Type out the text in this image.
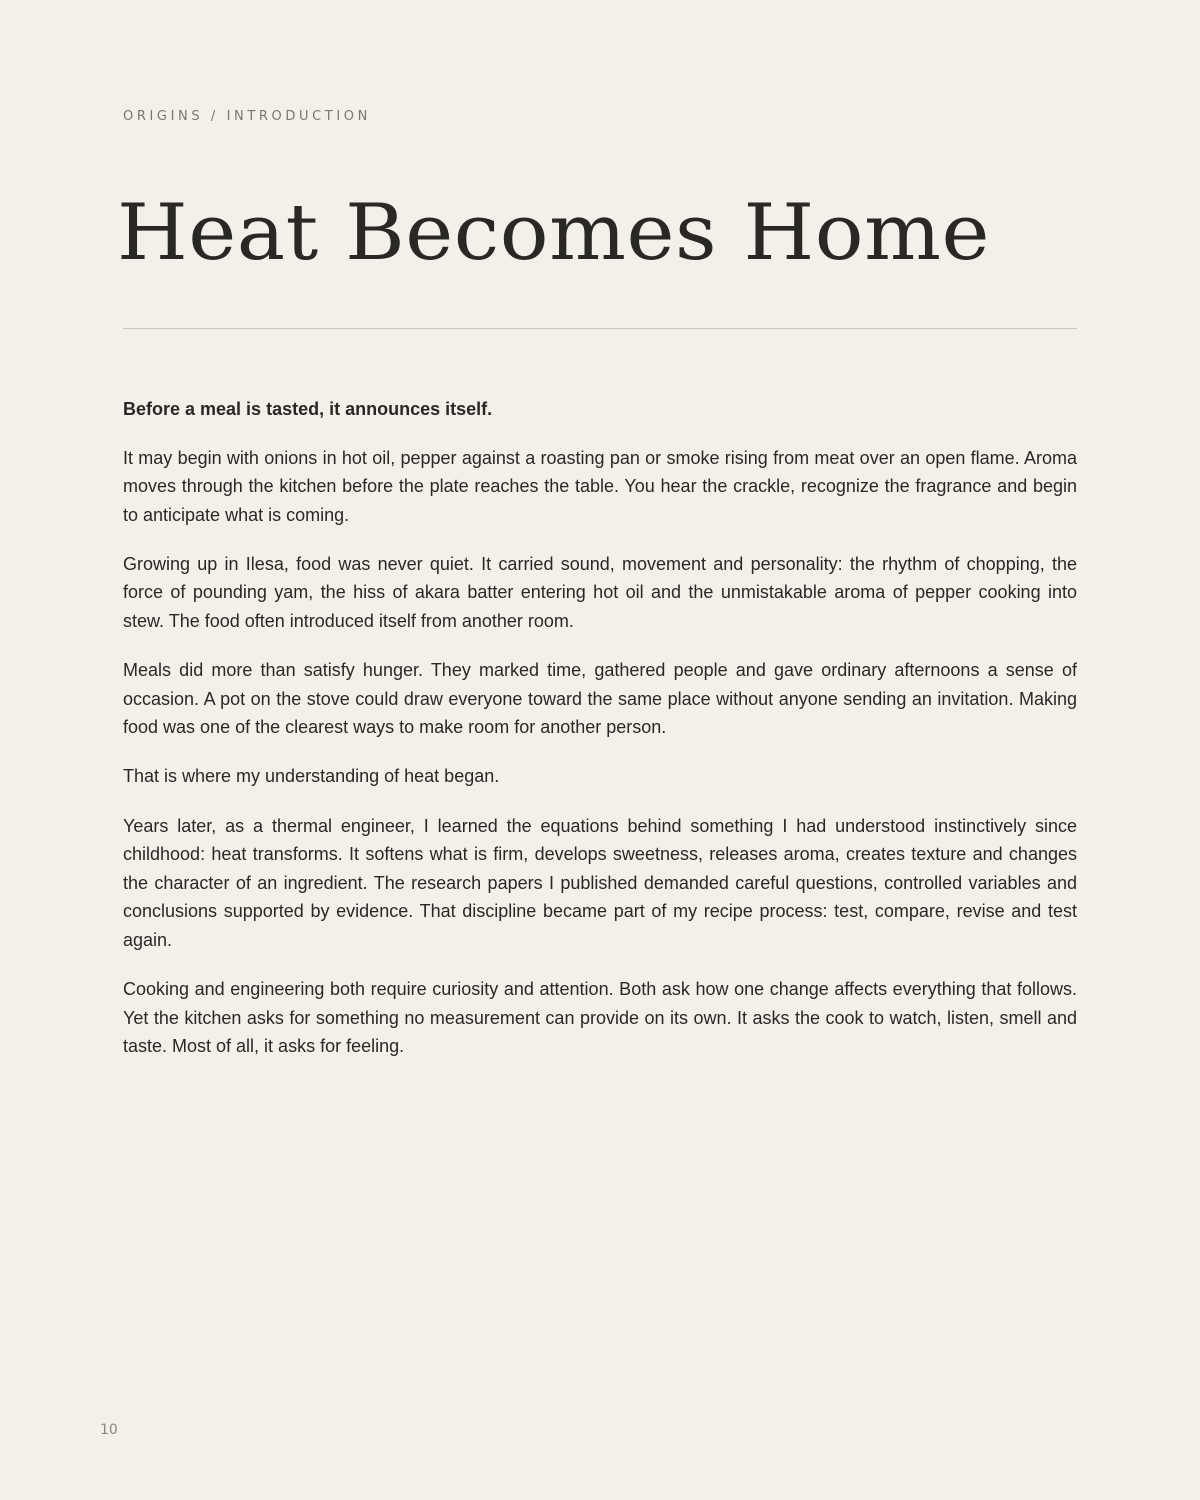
ORIGINS / INTRODUCTION
Heat Becomes Home

Before a meal is tasted, it announces itself.

It may begin with onions in hot oil, pepper against a roasting pan or smoke rising from meat over an open flame. Aroma moves through the kitchen before the plate reaches the table. You hear the crackle, recognize the fragrance and begin to anticipate what is coming.

Growing up in Ilesa, food was never quiet. It carried sound, movement and personality: the rhythm of chopping, the force of pounding yam, the hiss of akara batter entering hot oil and the unmistakable aroma of pepper cooking into stew. The food often introduced itself from another room.

Meals did more than satisfy hunger. They marked time, gathered people and gave ordinary afternoons a sense of occasion. A pot on the stove could draw everyone toward the same place without anyone sending an invitation. Making food was one of the clearest ways to make room for another person.

That is where my understanding of heat began.

Years later, as a thermal engineer, I learned the equations behind something I had understood instinctively since childhood: heat transforms. It softens what is firm, develops sweetness, releases aroma, creates texture and changes the character of an ingredient. The research papers I published demanded careful questions, controlled variables and conclusions supported by evidence. That discipline became part of my recipe process: test, compare, revise and test again.

Cooking and engineering both require curiosity and attention. Both ask how one change affects everything that follows. Yet the kitchen asks for something no measurement can provide on its own. It asks the cook to watch, listen, smell and taste. Most of all, it asks for feeling.

10
